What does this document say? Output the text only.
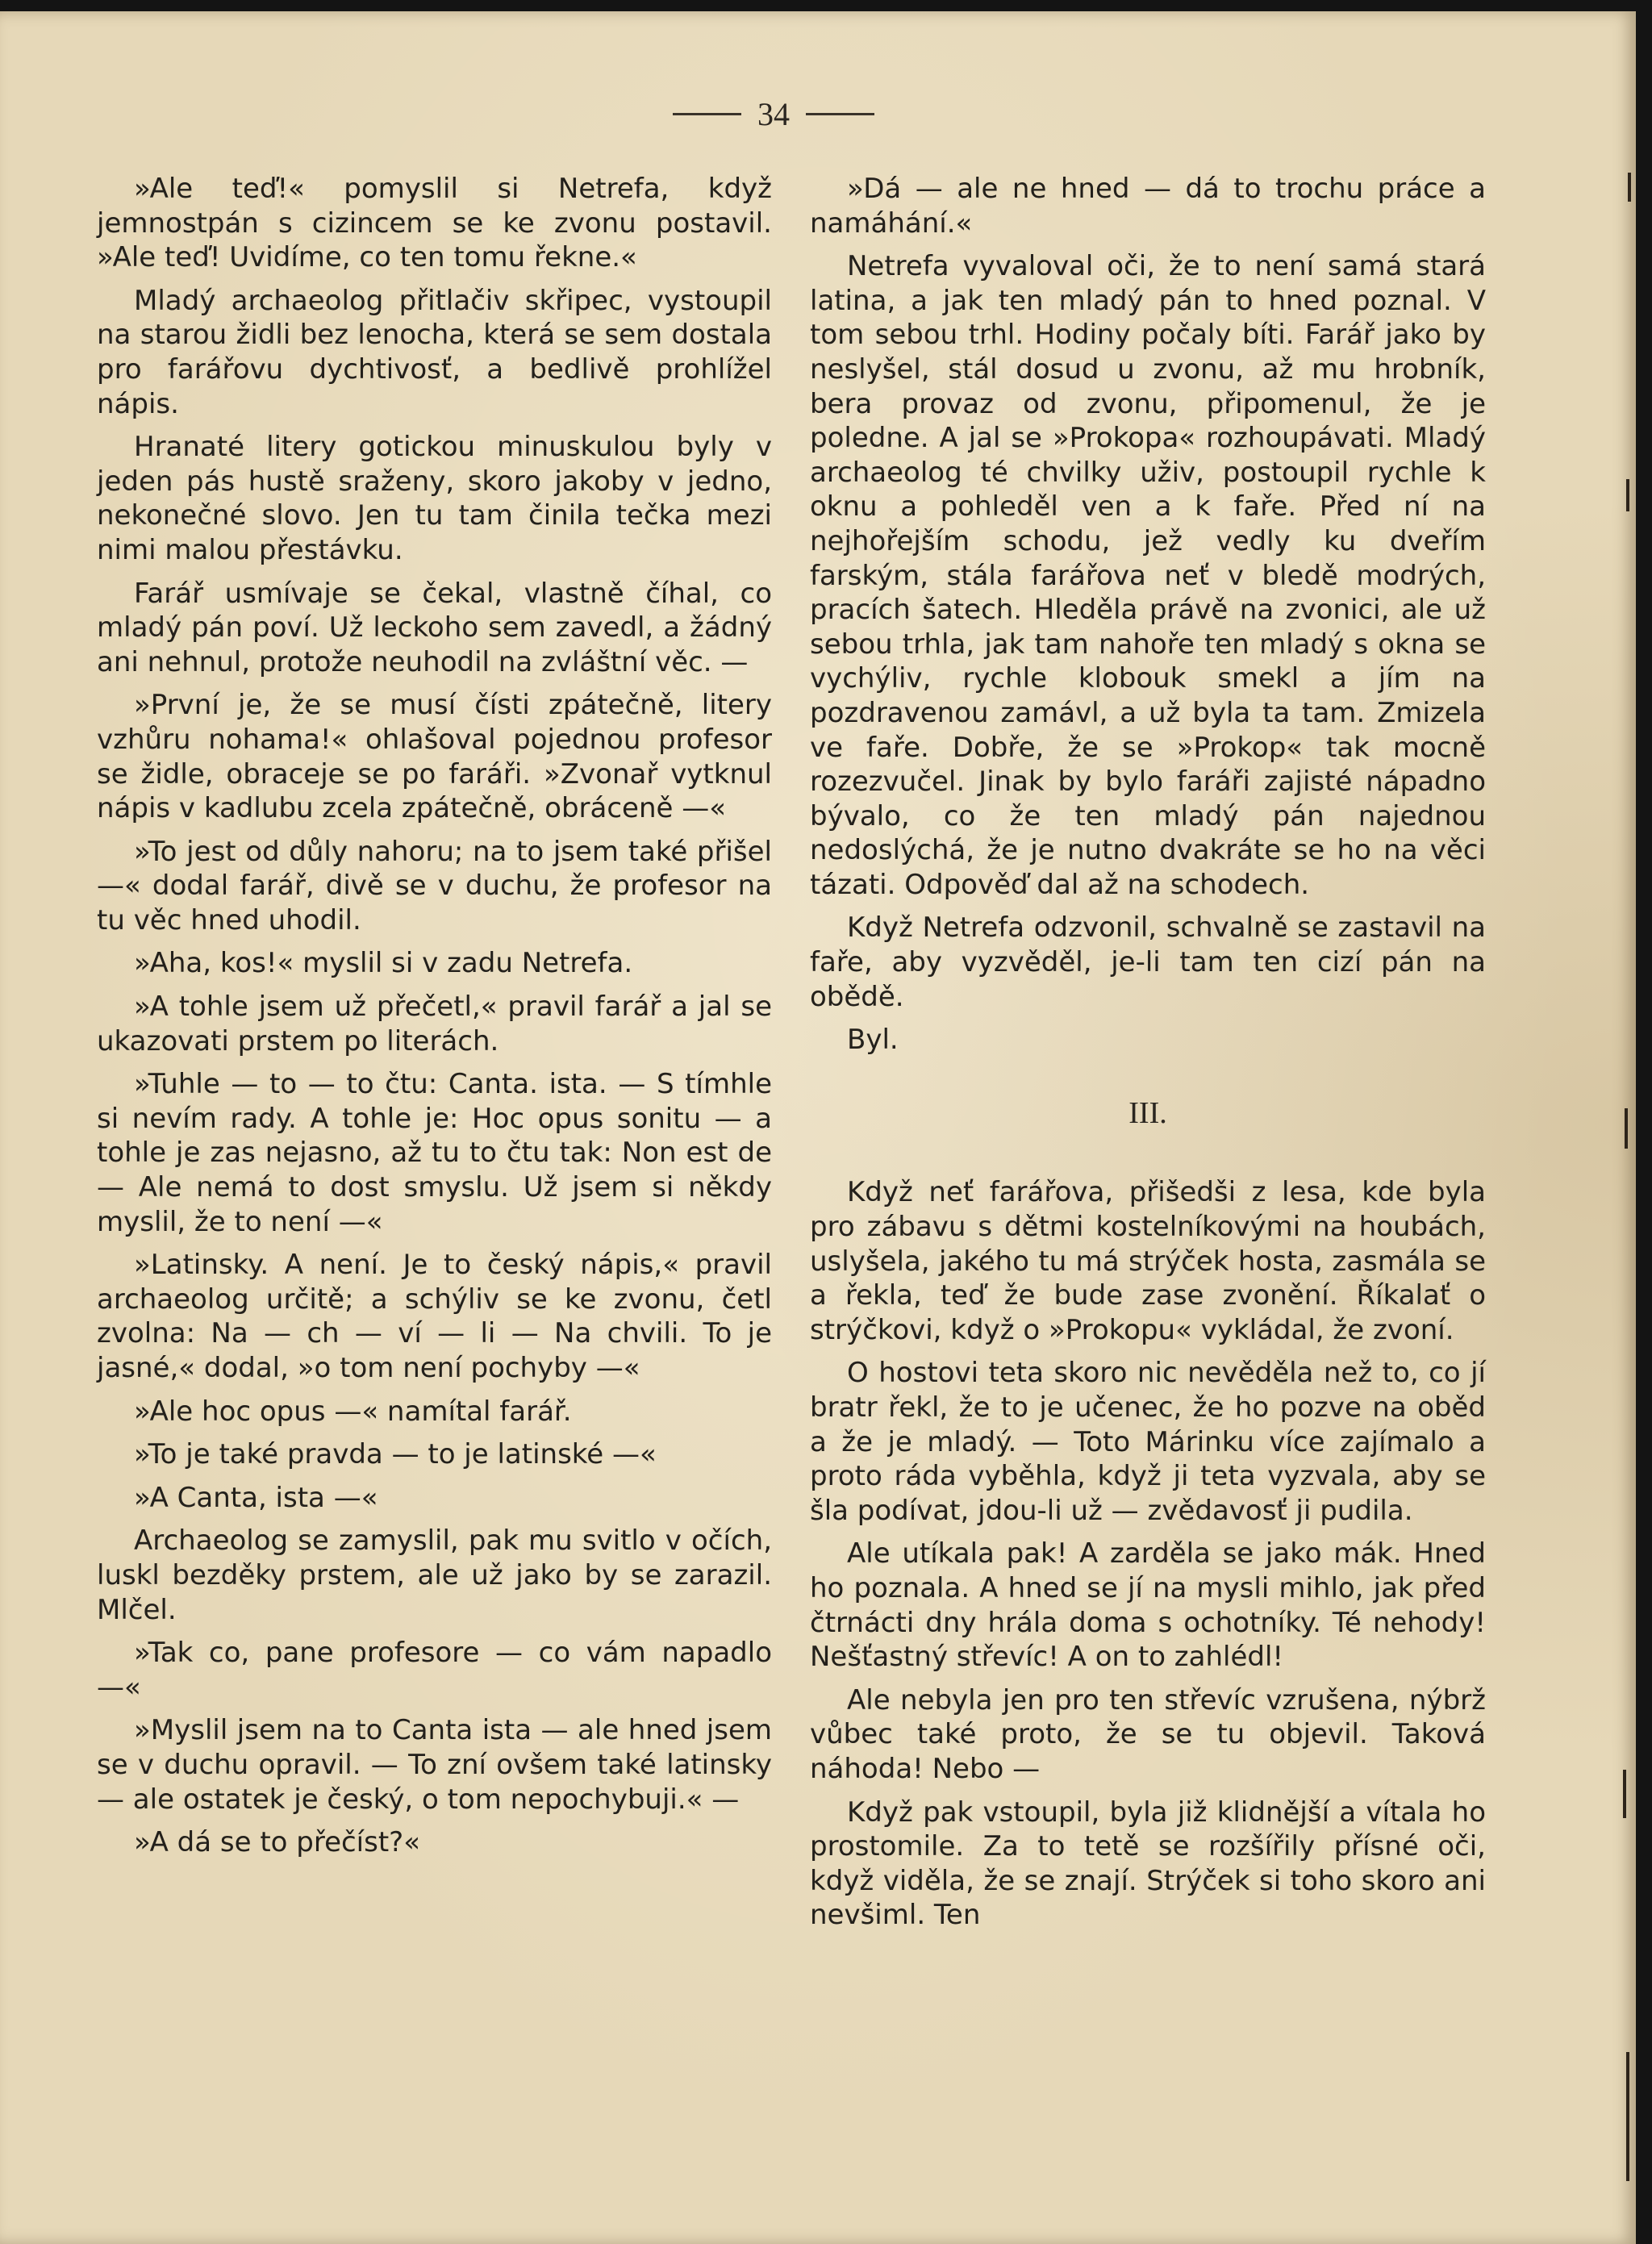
34

»Ale teď!« pomyslil si Netrefa, když jemnostpán s cizincem se ke zvonu postavil. »Ale teď! Uvidíme, co ten tomu řekne.«

Mladý archaeolog přitlačiv skřipec, vystoupil na starou židli bez lenocha, která se sem dostala pro farářovu dychtivosť, a bedlivě prohlížel nápis.

Hranaté litery gotickou minuskulou byly v jeden pás hustě sraženy, skoro jakoby v jedno, nekonečné slovo. Jen tu tam činila tečka mezi nimi malou přestávku.

Farář usmívaje se čekal, vlastně číhal, co mladý pán poví. Už leckoho sem zavedl, a žádný ani nehnul, protože neuhodil na zvláštní věc. —

»První je, že se musí čísti zpátečně, litery vzhůru nohama!« ohlašoval pojednou profesor se židle, obraceje se po faráři. »Zvonař vytknul nápis v kadlubu zcela zpátečně, obráceně —«

»To jest od důly nahoru; na to jsem také přišel —« dodal farář, divě se v duchu, že profesor na tu věc hned uhodil.

»Aha, kos!« myslil si v zadu Netrefa.

»A tohle jsem už přečetl,« pravil farář a jal se ukazovati prstem po literách.

»Tuhle — to — to čtu: Canta. ista. — S tímhle si nevím rady. A tohle je: Hoc opus sonitu — a tohle je zas nejasno, až tu to čtu tak: Non est de — Ale nemá to dost smyslu. Už jsem si někdy myslil, že to není —«

»Latinsky. A není. Je to český nápis,« pravil archaeolog určitě; a schýliv se ke zvonu, četl zvolna: Na — ch — ví — li — Na chvili. To je jasné,« dodal, »o tom není pochyby —«

»Ale hoc opus —« namítal farář.

»To je také pravda — to je latinské —«

»A Canta, ista —«

Archaeolog se zamyslil, pak mu svitlo v očích, luskl bezděky prstem, ale už jako by se zarazil. Mlčel.

»Tak co, pane profesore — co vám napadlo —«

»Myslil jsem na to Canta ista — ale hned jsem se v duchu opravil. — To zní ovšem také latinsky — ale ostatek je český, o tom nepochybuji.« —

»A dá se to přečíst?«

»Dá — ale ne hned — dá to trochu práce a namáhání.«

Netrefa vyvaloval oči, že to není samá stará latina, a jak ten mladý pán to hned poznal. V tom sebou trhl. Hodiny počaly bíti. Farář jako by neslyšel, stál dosud u zvonu, až mu hrobník, bera provaz od zvonu, připomenul, že je poledne. A jal se »Prokopa« rozhoupávati. Mladý archaeolog té chvilky uživ, postoupil rychle k oknu a pohleděl ven a k faře. Před ní na nejhořejším schodu, jež vedly ku dveřím farským, stála farářova neť v bledě modrých, pracích šatech. Hleděla právě na zvonici, ale už sebou trhla, jak tam nahoře ten mladý s okna se vychýliv, rychle klobouk smekl a jím na pozdravenou zamávl, a už byla ta tam. Zmizela ve faře. Dobře, že se »Prokop« tak mocně rozezvučel. Jinak by bylo faráři zajisté nápadno bývalo, co že ten mladý pán najednou nedoslýchá, že je nutno dvakráte se ho na věci tázati. Odpověď dal až na schodech.

Když Netrefa odzvonil, schvalně se zastavil na faře, aby vyzvěděl, je-li tam ten cizí pán na obědě.

Byl.

III.

Když neť farářova, přišedši z lesa, kde byla pro zábavu s dětmi kostelníkovými na houbách, uslyšela, jakého tu má strýček hosta, zasmála se a řekla, teď že bude zase zvonění. Říkalať o strýčkovi, když o »Prokopu« vykládal, že zvoní.

O hostovi teta skoro nic nevěděla než to, co jí bratr řekl, že to je učenec, že ho pozve na oběd a že je mladý. — Toto Márinku více zajímalo a proto ráda vyběhla, když ji teta vyzvala, aby se šla podívat, jdou-li už — zvědavosť ji pudila.

Ale utíkala pak! A zarděla se jako mák. Hned ho poznala. A hned se jí na mysli mihlo, jak před čtrnácti dny hrála doma s ochotníky. Té nehody! Nešťastný střevíc! A on to zahlédl!

Ale nebyla jen pro ten střevíc vzrušena, nýbrž vůbec také proto, že se tu objevil. Taková náhoda! Nebo —

Když pak vstoupil, byla již klidnější a vítala ho prostomile. Za to tetě se rozšířily přísné oči, když viděla, že se znají. Strýček si toho skoro ani nevšiml. Ten
